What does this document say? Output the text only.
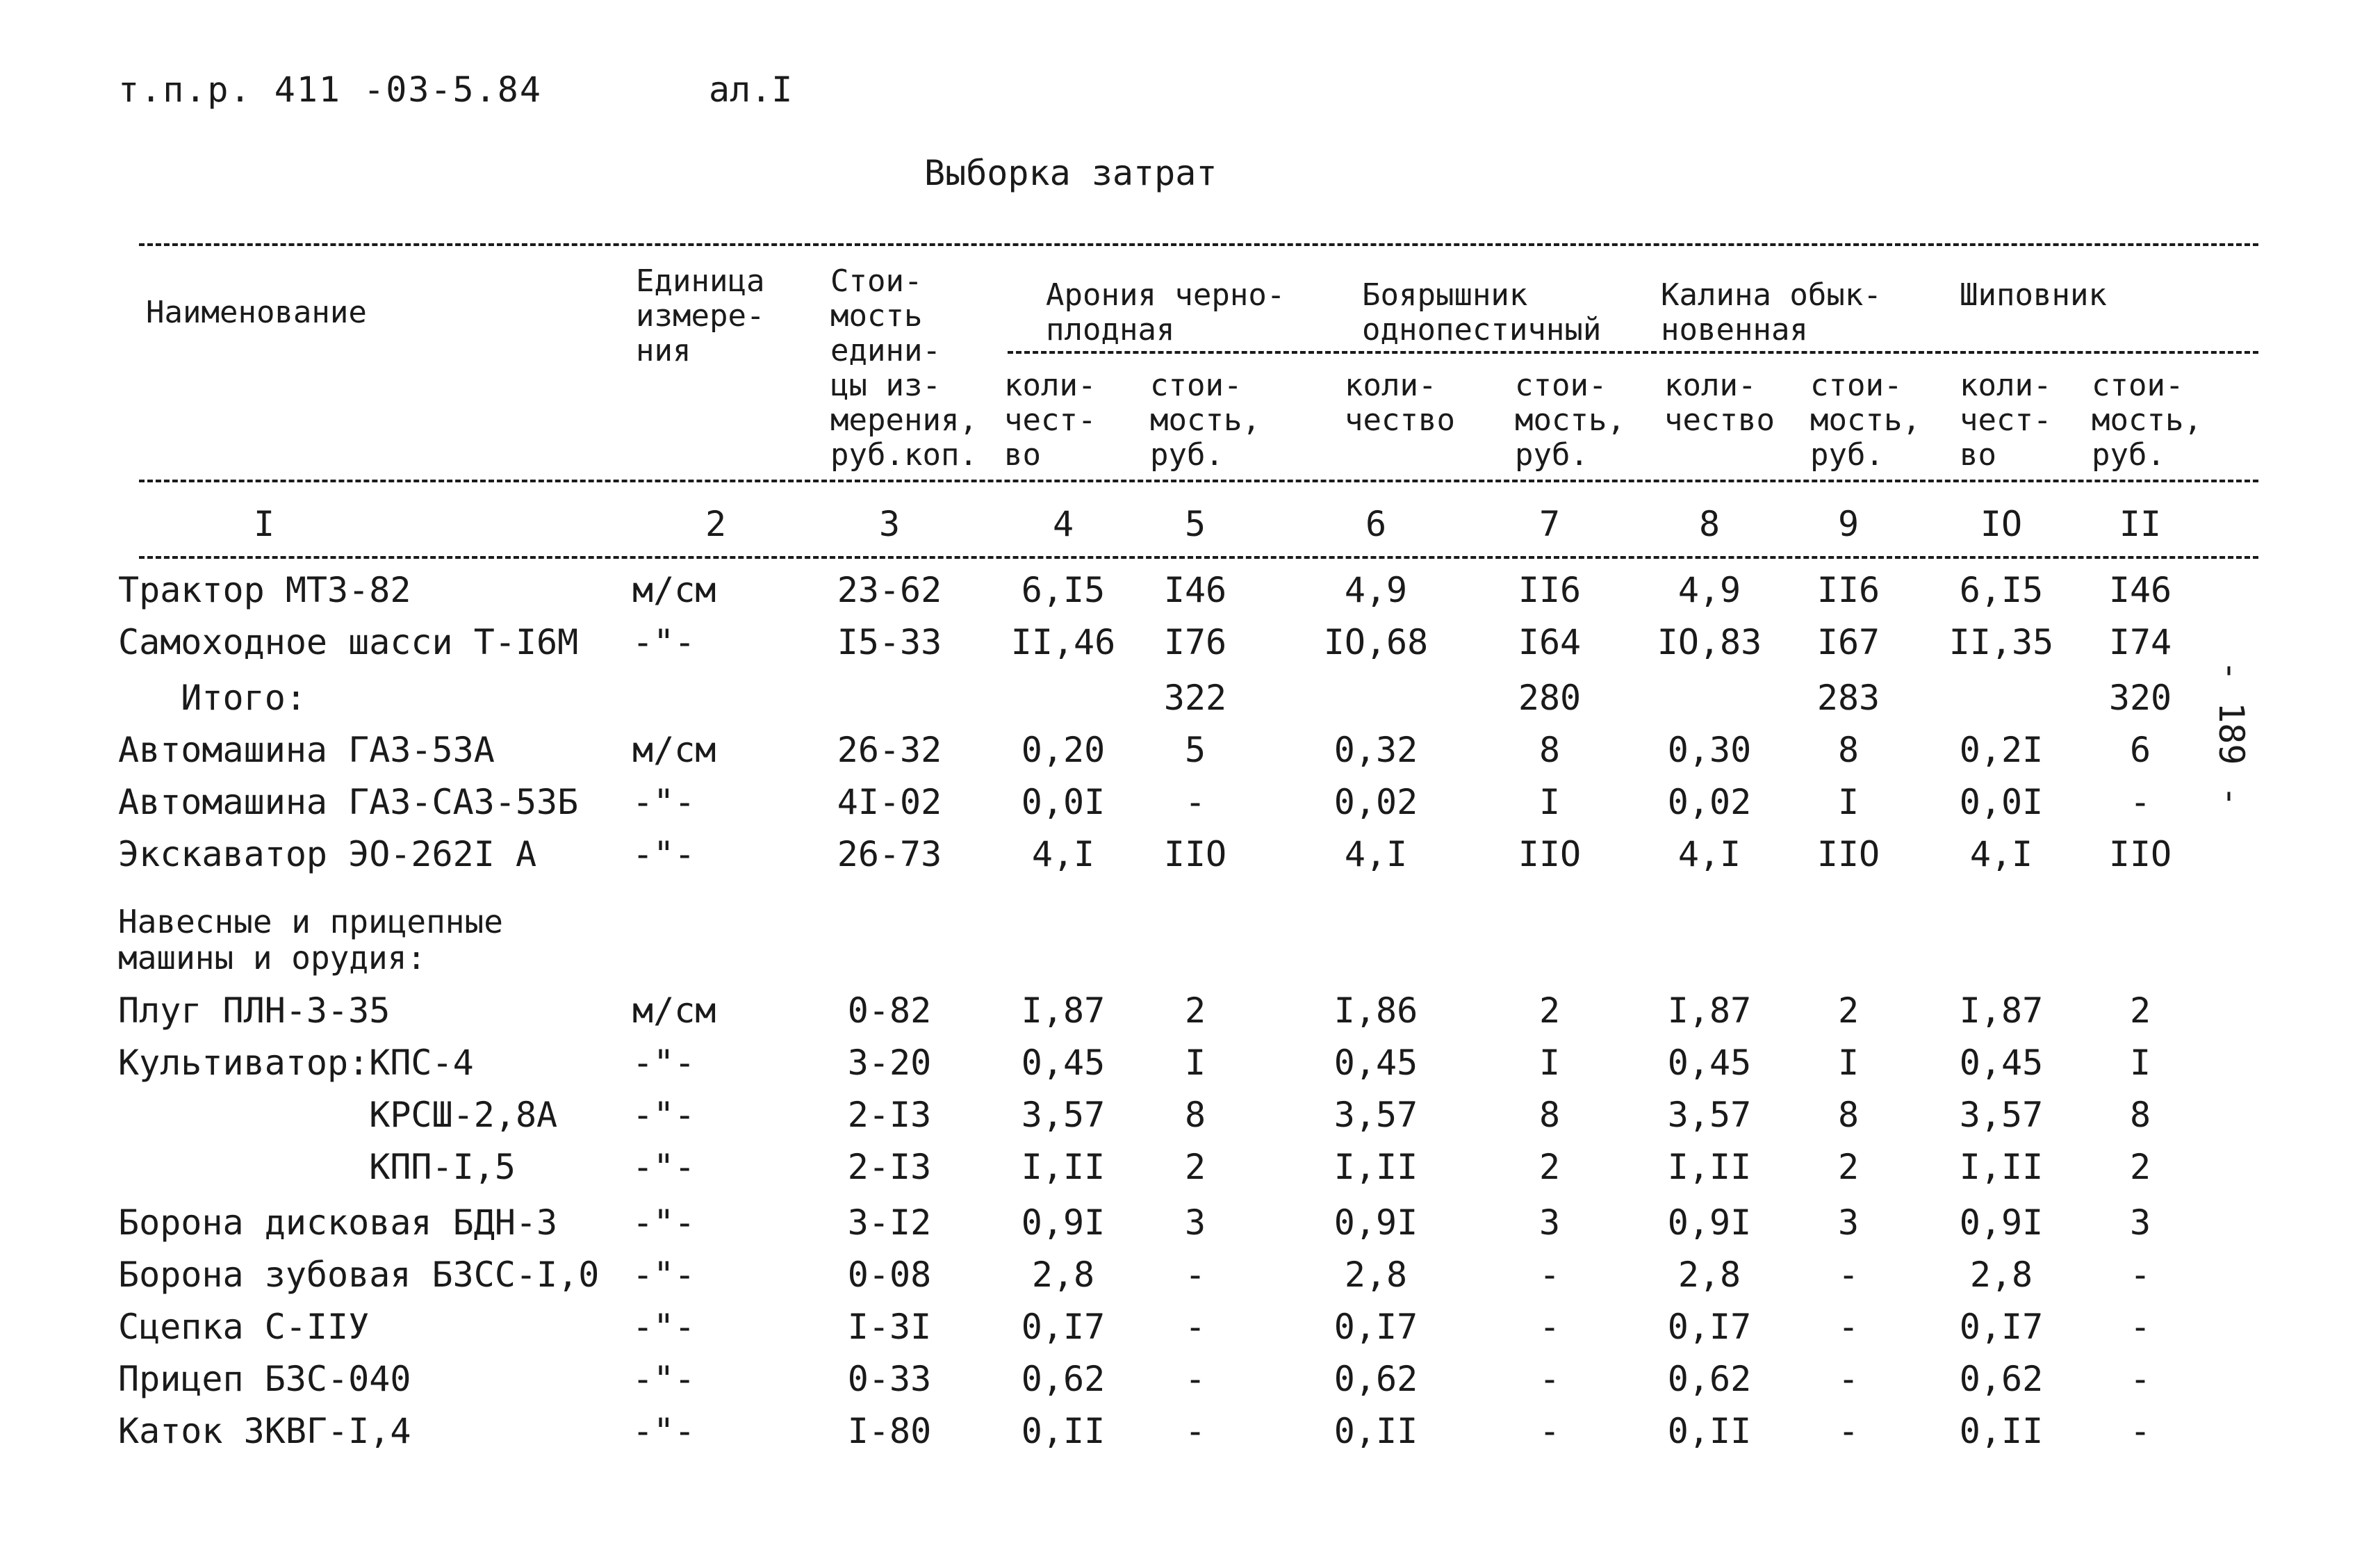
т.п.р. 411 -03-5.84	ал.I
Выборка затрат
- 189 -
Наименование
Единица
измере-
ния
Стои-
мость
едини-
цы из-
мерения,
руб.коп.
Арония черно-
плодная
Боярышник
однопестичный
Калина обык-
новенная
Шиповник
коли-
чест-
во
стои-
мость,
руб.
коли-
чество
стои-
мость,
руб.
коли-
чество
стои-
мость,
руб.
коли-
чест-
во
стои-
мость,
руб.
I	2	3	4	5	6	7	8	9	IO	II
Трактор МТЗ-82	м/см	23-62	6,I5	I46	4,9	II6	4,9	II6	6,I5	I46
Самоходное шасси Т-I6М -"-	I5-33	II,46	I76	IO,68	I64	IO,83	I67	II,35	I74
Итого:	322	280	283	320
Автомашина ГАЗ-53А	м/см	26-32	0,20	5	0,32	8	0,30	8	0,2I	6
Автомашина ГАЗ-САЗ-53Б -"-	4I-02	0,0I	-	0,02	I	0,02	I	0,0I	-
Экскаватор ЭО-262I А	-"-	26-73	4,I	IIO	4,I	IIO	4,I	IIO	4,I	IIO
Навесные и прицепные
машины и орудия:
Плуг ПЛН-3-35	м/см	0-82	I,87	2	I,86	2	I,87	2	I,87	2
Культиватор:КПС-4	-"-	3-20	0,45	I	0,45	I	0,45	I	0,45	I
КРСШ-2,8А -"-	2-I3	3,57	8	3,57	8	3,57	8	3,57	8
КПП-I,5	-"-	2-I3	I,II	2	I,II	2	I,II	2	I,II	2
Борона дисковая БДН-3 -"-	3-I2	0,9I	3	0,9I	3	0,9I	3	0,9I	3
Борона зубовая БЗСС-I,0 -"-	0-08	2,8	-	2,8	-	2,8	-	2,8	-
Сцепка С-IIУ	-"-	I-3I	0,I7	-	0,I7	-	0,I7	-	0,I7	-
Прицеп БЗС-040	-"-	0-33	0,62	-	0,62	-	0,62	-	0,62	-
Каток ЗКВГ-I,4	-"-	I-80	0,II	-	0,II	-	0,II	-	0,II	-
